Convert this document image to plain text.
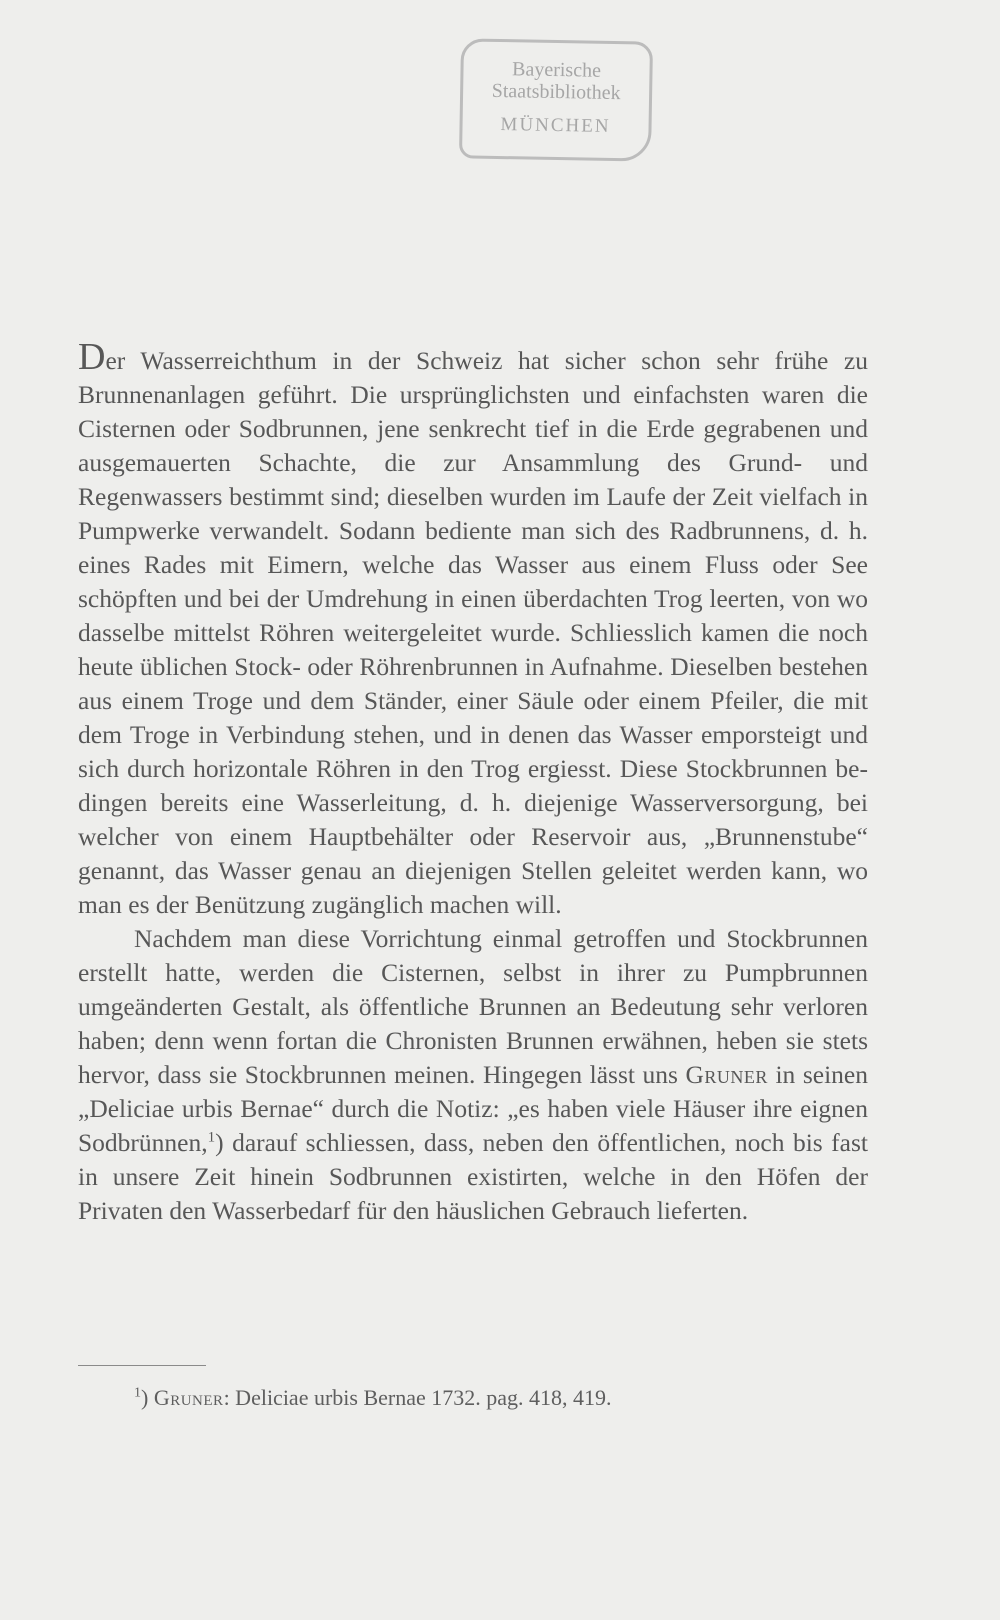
Bayerische
Staatsbibliothek
MÜNCHEN

Der Wasserreichthum in der Schweiz hat sicher schon sehr frühe zu Brunnenanlagen geführt. Die ursprünglichsten und einfachsten waren die Cisternen oder Sodbrunnen, jene senkrecht tief in die Erde gegrabenen und ausgemauerten Schachte, die zur Ansammlung des Grund- und Regenwassers bestimmt sind; dieselben wurden im Laufe der Zeit vielfach in Pumpwerke verwandelt. Sodann bediente man sich des Radbrunnens, d. h. eines Rades mit Eimern, welche das Wasser aus einem Fluss oder See schöpften und bei der Umdrehung in einen überdachten Trog leerten, von wo dasselbe mittelst Röhren weitergeleitet wurde. Schliesslich kamen die noch heute üblichen Stock- oder Röhrenbrunnen in Aufnahme. Dieselben bestehen aus einem Troge und dem Ständer, einer Säule oder einem Pfeiler, die mit dem Troge in Verbindung stehen, und in denen das Wasser emporsteigt und sich durch horizontale Röhren in den Trog ergiesst. Diese Stockbrunnen bedingen bereits eine Wasserleitung, d. h. diejenige Wasserversorgung, bei welcher von einem Hauptbehälter oder Reservoir aus, „Brunnenstube“ genannt, das Wasser genau an diejenigen Stellen geleitet werden kann, wo man es der Benützung zugänglich machen will.

Nachdem man diese Vorrichtung einmal getroffen und Stockbrunnen erstellt hatte, werden die Cisternen, selbst in ihrer zu Pumpbrunnen umgeänderten Gestalt, als öffentliche Brunnen an Bedeutung sehr verloren haben; denn wenn fortan die Chronisten Brunnen erwähnen, heben sie stets hervor, dass sie Stockbrunnen meinen. Hingegen lässt uns Gruner in seinen „Deliciae urbis Bernae“ durch die Notiz: „es haben viele Häuser ihre eignen Sodbrünnen,$^1$) darauf schliessen, dass, neben den öffentlichen, noch bis fast in unsere Zeit hinein Sodbrunnen existirten, welche in den Höfen der Privaten den Wasserbedarf für den häuslichen Gebrauch lieferten.

$^1$) Gruner: Deliciae urbis Bernae 1732. pag. 418, 419.
